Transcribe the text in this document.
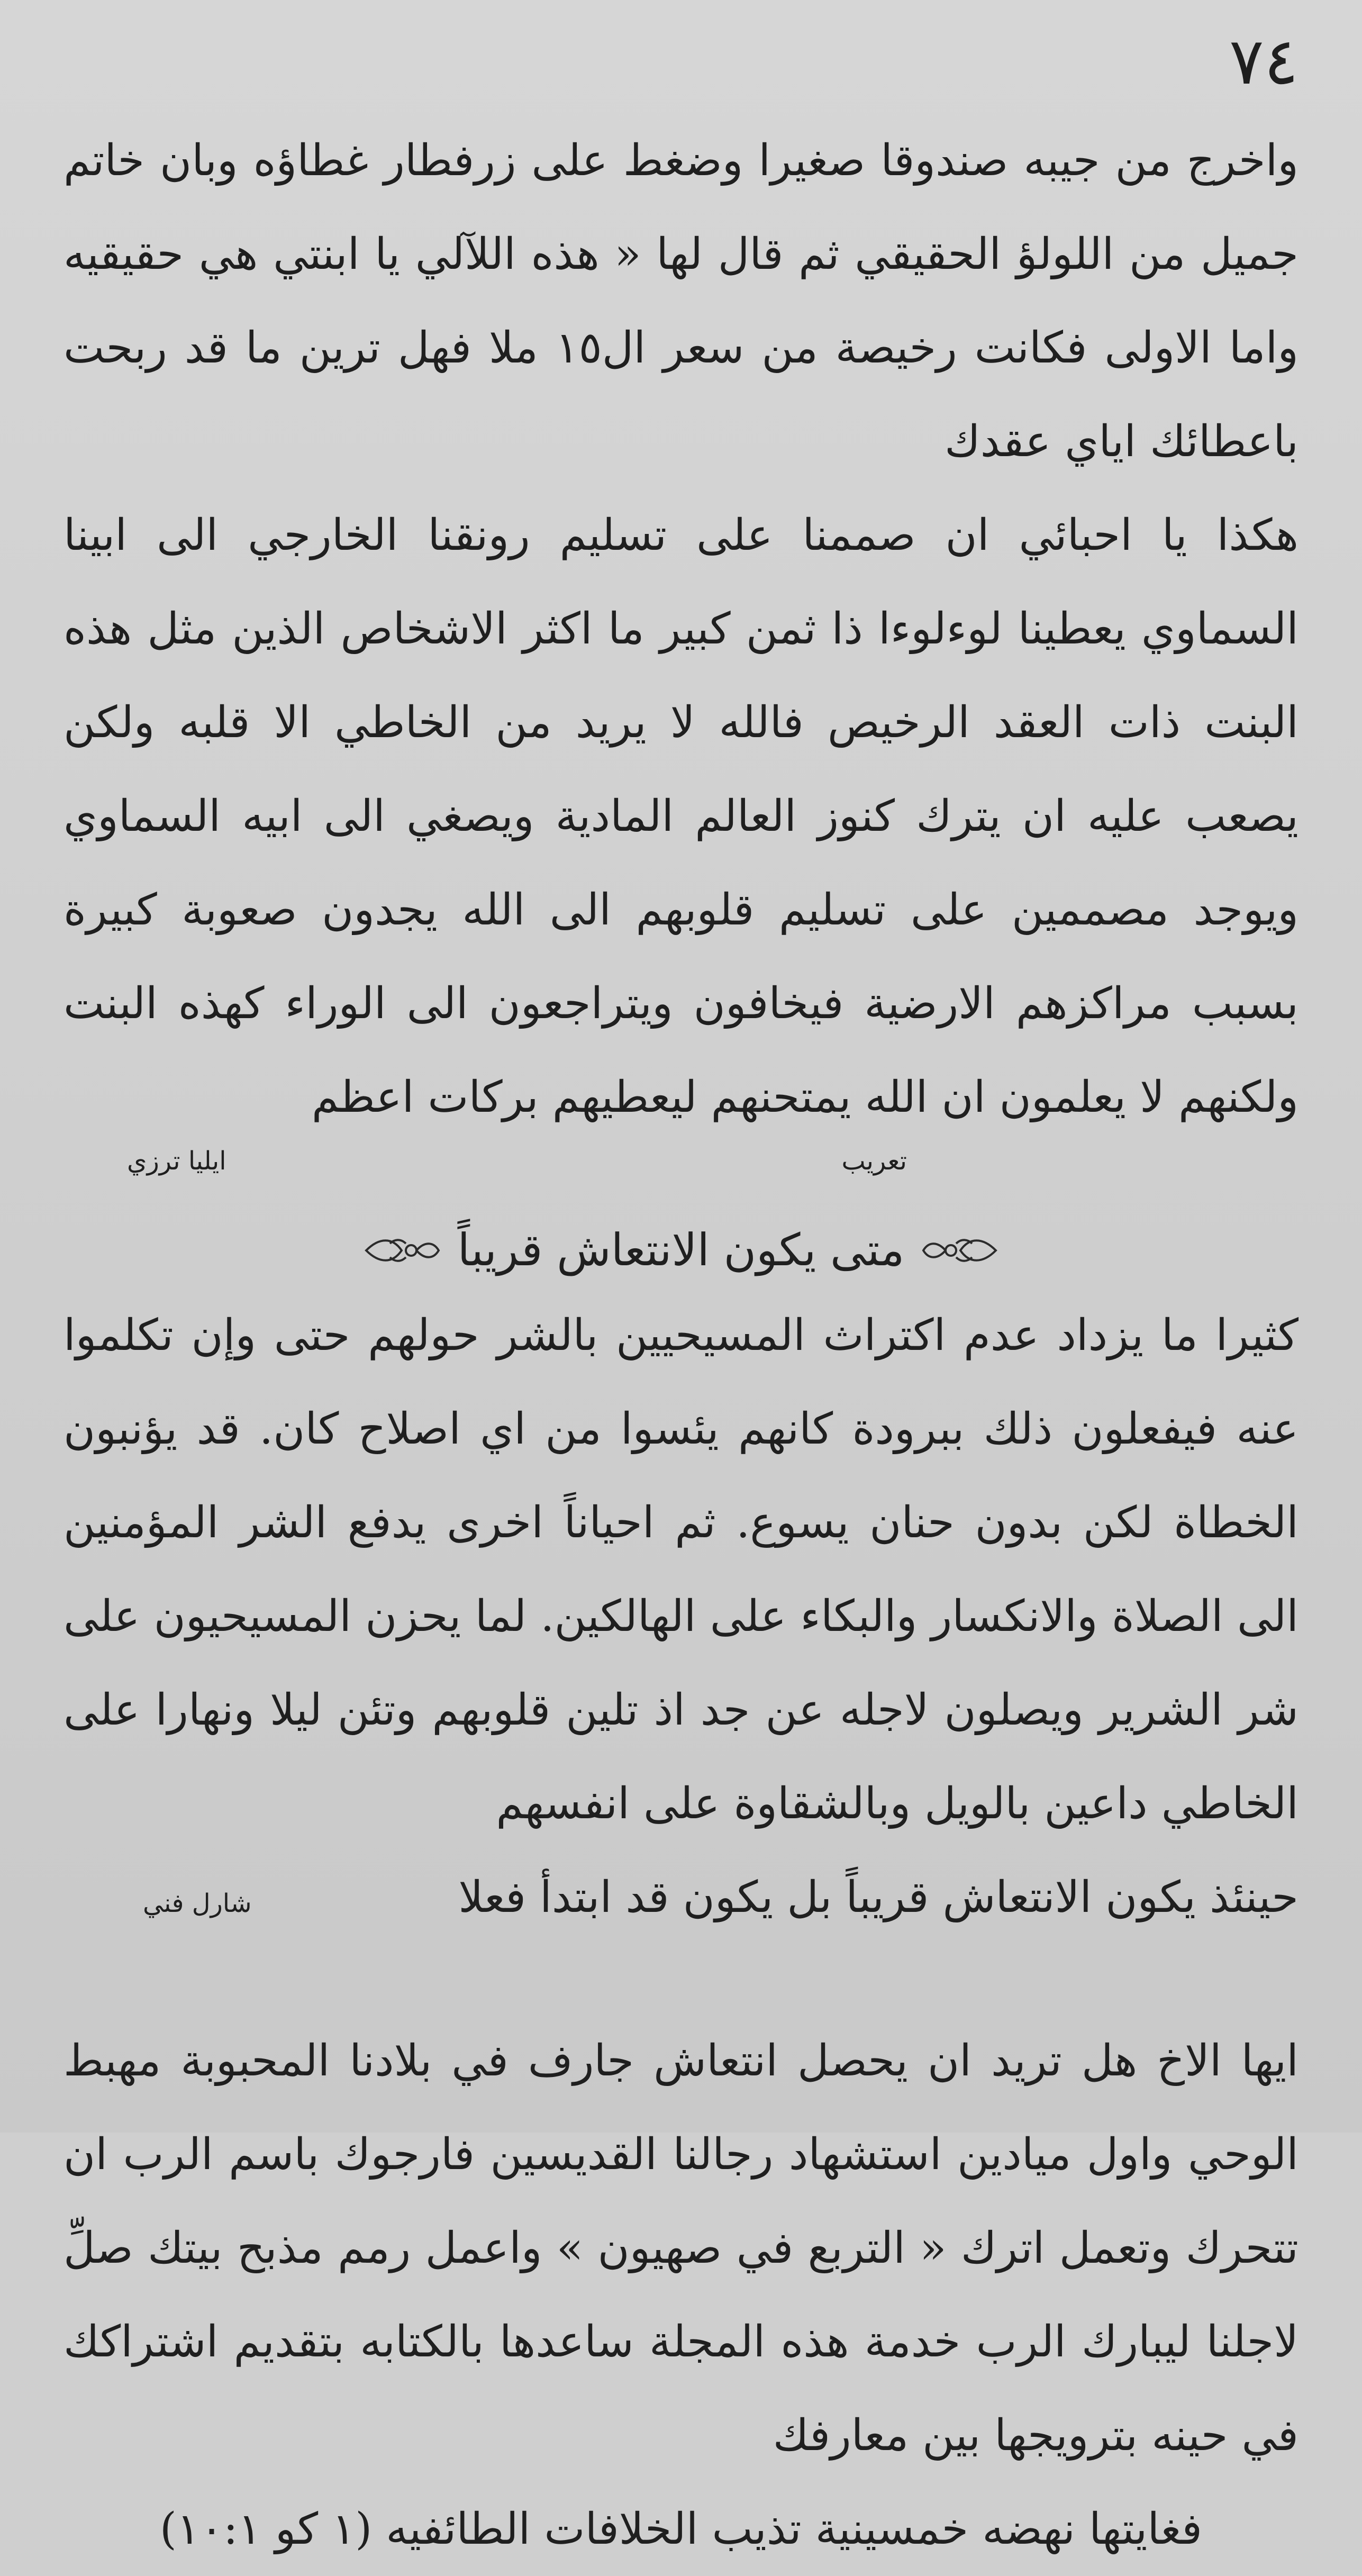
٧٤

واخرج من جيبه صندوقا صغيرا وضغط على زرفطار غطاؤه وبان خاتم جميل من اللولؤ الحقيقي ثم قال لها « هذه اللآلي يا ابنتي هي حقيقيه واما الاولى فكانت رخيصة من سعر ال١٥ ملا فهل ترين ما قد ربحت باعطائك اياي عقدك

هكذا يا احبائي ان صممنا على تسليم رونقنا الخارجي الى ابينا السماوي يعطينا لوءلوءا ذا ثمن كبير ما اكثر الاشخاص الذين مثل هذه البنت ذات العقد الرخيص فالله لا يريد من الخاطي الا قلبه ولكن يصعب عليه ان يترك كنوز العالم المادية ويصغي الى ابيه السماوي ويوجد مصممين على تسليم قلوبهم الى الله يجدون صعوبة كبيرة بسبب مراكزهم الارضية فيخافون ويتراجعون الى الوراء كهذه البنت ولكنهم لا يعلمون ان الله يمتحنهم ليعطيهم بركات اعظم

تعريب
ايليا ترزي
متى يكون الانتعاش قريباً

كثيرا ما يزداد عدم اكتراث المسيحيين بالشر حولهم حتى وإن تكلموا عنه فيفعلون ذلك ببرودة كانهم يئسوا من اي اصلاح كان. قد يؤنبون الخطاة لكن بدون حنان يسوع. ثم احياناً اخرى يدفع الشر المؤمنين الى الصلاة والانكسار والبكاء على الهالكين. لما يحزن المسيحيون على شر الشرير ويصلون لاجله عن جد اذ تلين قلوبهم وتئن ليلا ونهارا على الخاطي داعين بالويل وبالشقاوة على انفسهم

حينئذ يكون الانتعاش قريباً بل يكون قد ابتدأ فعلا
شارل فني

ايها الاخ هل تريد ان يحصل انتعاش جارف في بلادنا المحبوبة مهبط الوحي واول ميادين استشهاد رجالنا القديسين فارجوك باسم الرب ان تتحرك وتعمل اترك « التربع في صهيون » واعمل رمم مذبح بيتك صلِّ لاجلنا ليبارك الرب خدمة هذه المجلة ساعدها بالكتابه بتقديم اشتراكك في حينه بترويجها بين معارفك

فغايتها نهضه خمسينية تذيب الخلافات الطائفيه (١ كو ١٠:١)
